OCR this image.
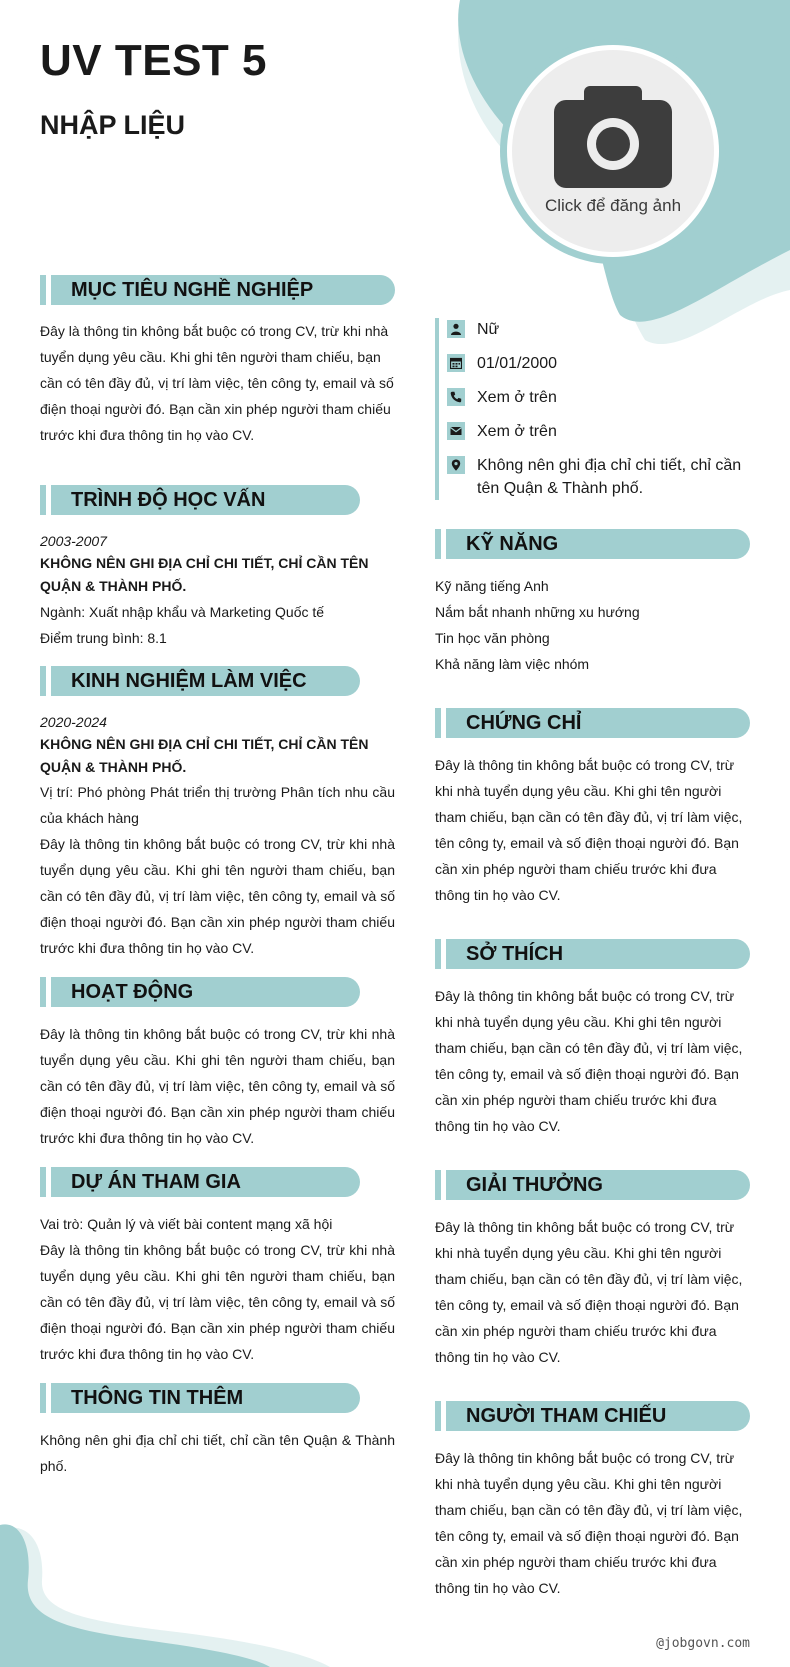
UV TEST 5
NHẬP LIỆU
Click để đăng ảnh
MỤC TIÊU NGHỀ NGHIỆP

Đây là thông tin không bắt buộc có trong CV, trừ khi nhà tuyển dụng yêu cầu. Khi ghi tên người tham chiếu, bạn cần có tên đầy đủ, vị trí làm việc, tên công ty, email và số điện thoại người đó. Bạn cần xin phép người tham chiếu trước khi đưa thông tin họ vào CV.

TRÌNH ĐỘ HỌC VẤN

2003-2007

KHÔNG NÊN GHI ĐỊA CHỈ CHI TIẾT, CHỈ CẦN TÊN QUẬN & THÀNH PHỐ.

Ngành: Xuất nhập khẩu và Marketing Quốc tế

Điểm trung bình: 8.1

KINH NGHIỆM LÀM VIỆC

2020-2024

KHÔNG NÊN GHI ĐỊA CHỈ CHI TIẾT, CHỈ CẦN TÊN QUẬN & THÀNH PHỐ.

Vị trí: Phó phòng Phát triển thị trường Phân tích nhu cầu của khách hàng

Đây là thông tin không bắt buộc có trong CV, trừ khi nhà tuyển dụng yêu cầu. Khi ghi tên người tham chiếu, bạn cần có tên đầy đủ, vị trí làm việc, tên công ty, email và số điện thoại người đó. Bạn cần xin phép người tham chiếu trước khi đưa thông tin họ vào CV.

HOẠT ĐỘNG

Đây là thông tin không bắt buộc có trong CV, trừ khi nhà tuyển dụng yêu cầu. Khi ghi tên người tham chiếu, bạn cần có tên đầy đủ, vị trí làm việc, tên công ty, email và số điện thoại người đó. Bạn cần xin phép người tham chiếu trước khi đưa thông tin họ vào CV.

DỰ ÁN THAM GIA

Vai trò: Quản lý và viết bài content mạng xã hội

Đây là thông tin không bắt buộc có trong CV, trừ khi nhà tuyển dụng yêu cầu. Khi ghi tên người tham chiếu, bạn cần có tên đầy đủ, vị trí làm việc, tên công ty, email và số điện thoại người đó. Bạn cần xin phép người tham chiếu trước khi đưa thông tin họ vào CV.

THÔNG TIN THÊM

Không nên ghi địa chỉ chi tiết, chỉ cần tên Quận & Thành phố.

Nữ
01/01/2000
Xem ở trên
Xem ở trên
Không nên ghi địa chỉ chi tiết, chỉ cần tên Quận & Thành phố.
KỸ NĂNG

Kỹ năng tiếng Anh

Nắm bắt nhanh những xu hướng

Tin học văn phòng

Khả năng làm việc nhóm

CHỨNG CHỈ

Đây là thông tin không bắt buộc có trong CV, trừ khi nhà tuyển dụng yêu cầu. Khi ghi tên người tham chiếu, bạn cần có tên đầy đủ, vị trí làm việc, tên công ty, email và số điện thoại người đó. Bạn cần xin phép người tham chiếu trước khi đưa thông tin họ vào CV.

SỞ THÍCH

Đây là thông tin không bắt buộc có trong CV, trừ khi nhà tuyển dụng yêu cầu. Khi ghi tên người tham chiếu, bạn cần có tên đầy đủ, vị trí làm việc, tên công ty, email và số điện thoại người đó. Bạn cần xin phép người tham chiếu trước khi đưa thông tin họ vào CV.

GIẢI THƯỞNG

Đây là thông tin không bắt buộc có trong CV, trừ khi nhà tuyển dụng yêu cầu. Khi ghi tên người tham chiếu, bạn cần có tên đầy đủ, vị trí làm việc, tên công ty, email và số điện thoại người đó. Bạn cần xin phép người tham chiếu trước khi đưa thông tin họ vào CV.

NGƯỜI THAM CHIẾU

Đây là thông tin không bắt buộc có trong CV, trừ khi nhà tuyển dụng yêu cầu. Khi ghi tên người tham chiếu, bạn cần có tên đầy đủ, vị trí làm việc, tên công ty, email và số điện thoại người đó. Bạn cần xin phép người tham chiếu trước khi đưa thông tin họ vào CV.

@jobgovn.com
